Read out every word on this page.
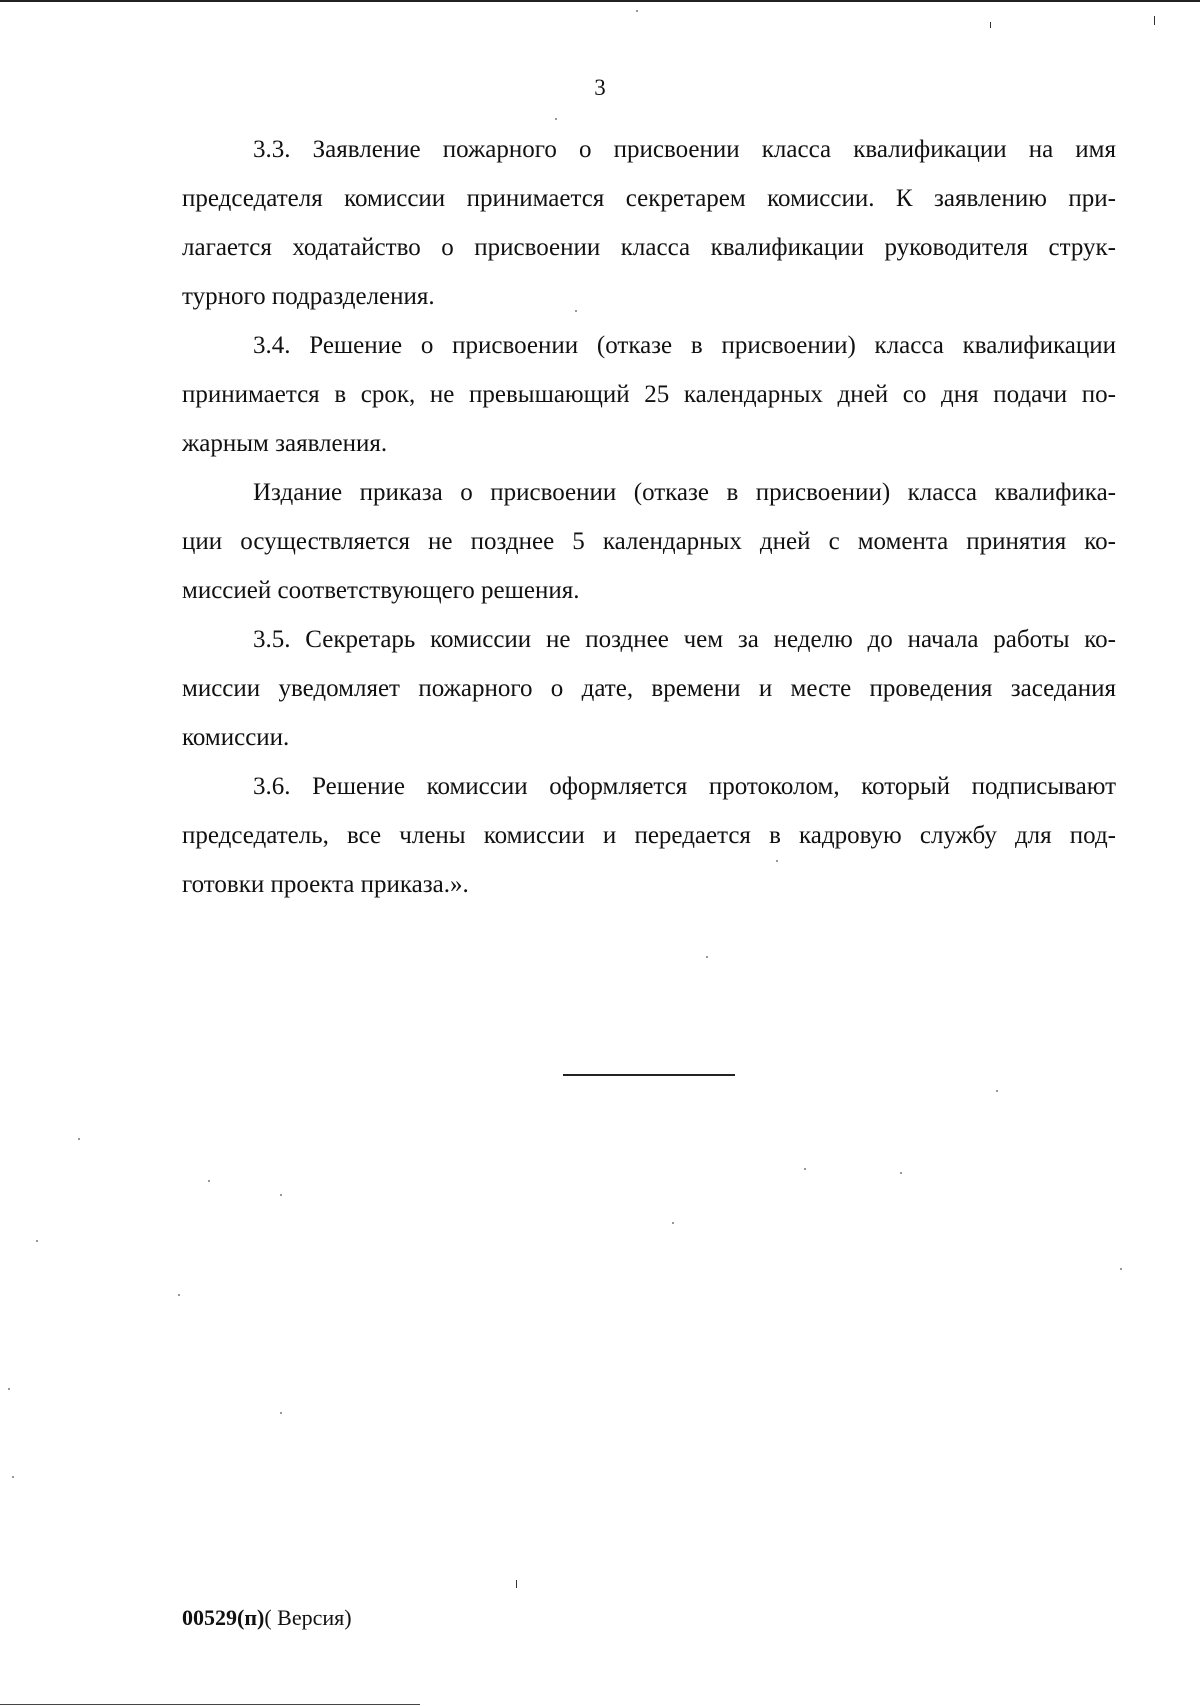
3

3.3. Заявление пожарного о присвоении класса квалификации на имя
председателя комиссии принимается секретарем комиссии. К заявлению при-
лагается ходатайство о присвоении класса квалификации руководителя струк-
турного подразделения.

3.4. Решение о присвоении (отказе в присвоении) класса квалификации
принимается в срок, не превышающий 25 календарных дней со дня подачи по-
жарным заявления.

Издание приказа о присвоении (отказе в присвоении) класса квалифика-
ции осуществляется не позднее 5 календарных дней с момента принятия ко-
миссией соответствующего решения.

3.5. Секретарь комиссии не позднее чем за неделю до начала работы ко-
миссии уведомляет пожарного о дате, времени и месте проведения заседания
комиссии.

3.6. Решение комиссии оформляется протоколом, который подписывают
председатель, все члены комиссии и передается в кадровую службу для под-
готовки проекта приказа.».

00529(п)( Версия)
